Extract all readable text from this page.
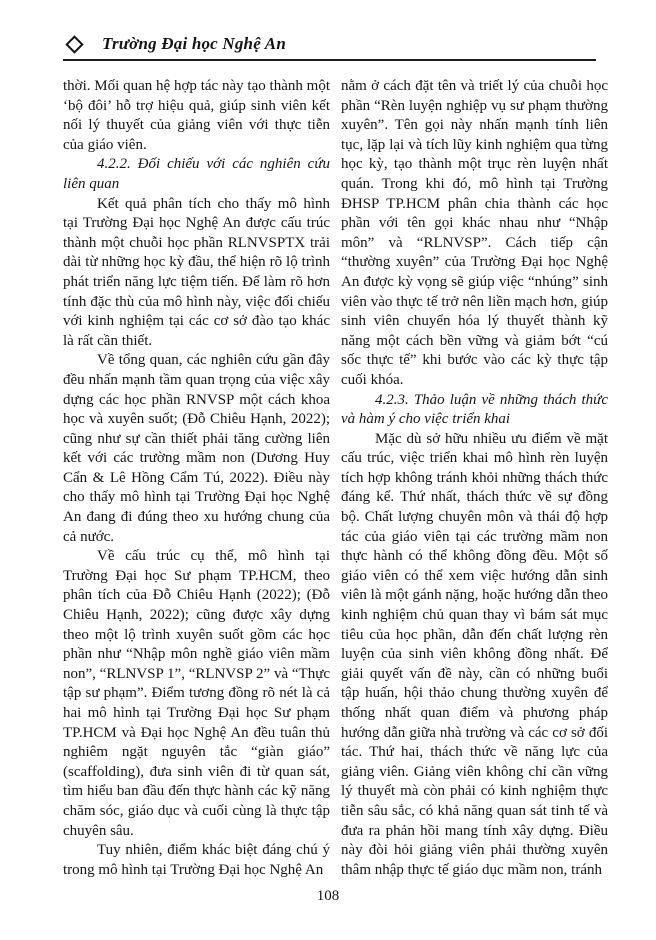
Trường Đại học Nghệ An

thời. Mối quan hệ hợp tác này tạo thành một ‘bộ đôi’ hỗ trợ hiệu quả, giúp sinh viên kết nối lý thuyết của giảng viên với thực tiễn của giáo viên.

4.2.2. Đối chiếu với các nghiên cứu liên quan

Kết quả phân tích cho thấy mô hình tại Trường Đại học Nghệ An được cấu trúc thành một chuỗi học phần RLNVSPTX trải dài từ những học kỳ đầu, thể hiện rõ lộ trình phát triển năng lực tiệm tiến. Để làm rõ hơn tính đặc thù của mô hình này, việc đối chiếu với kinh nghiệm tại các cơ sở đào tạo khác là rất cần thiết.

Về tổng quan, các nghiên cứu gần đây đều nhấn mạnh tầm quan trọng của việc xây dựng các học phần RNVSP một cách khoa học và xuyên suốt; (Đỗ Chiêu Hạnh, 2022); cũng như sự cần thiết phải tăng cường liên kết với các trường mầm non (Dương Huy Cẩn & Lê Hồng Cẩm Tú, 2022). Điều này cho thấy mô hình tại Trường Đại học Nghệ An đang đi đúng theo xu hướng chung của cả nước.

Về cấu trúc cụ thể, mô hình tại Trường Đại học Sư phạm TP.HCM, theo phân tích của Đỗ Chiêu Hạnh (2022); (Đỗ Chiêu Hạnh, 2022); cũng được xây dựng theo một lộ trình xuyên suốt gồm các học phần như “Nhập môn nghề giáo viên mầm non”, “RLNVSP 1”, “RLNVSP 2” và “Thực tập sư phạm”. Điểm tương đồng rõ nét là cả hai mô hình tại Trường Đại học Sư phạm TP.HCM và Đại học Nghệ An đều tuân thủ nghiêm ngặt nguyên tắc “giàn giáo” (scaffolding), đưa sinh viên đi từ quan sát, tìm hiểu ban đầu đến thực hành các kỹ năng chăm sóc, giáo dục và cuối cùng là thực tập chuyên sâu.

Tuy nhiên, điểm khác biệt đáng chú ý trong mô hình tại Trường Đại học Nghệ An

nằm ở cách đặt tên và triết lý của chuỗi học phần “Rèn luyện nghiệp vụ sư phạm thường xuyên”. Tên gọi này nhấn mạnh tính liên tục, lặp lại và tích lũy kinh nghiệm qua từng học kỳ, tạo thành một trục rèn luyện nhất quán. Trong khi đó, mô hình tại Trường ĐHSP TP.HCM phân chia thành các học phần với tên gọi khác nhau như “Nhập môn” và “RLNVSP”. Cách tiếp cận “thường xuyên” của Trường Đại học Nghệ An được kỳ vọng sẽ giúp việc “nhúng” sinh viên vào thực tế trở nên liền mạch hơn, giúp sinh viên chuyển hóa lý thuyết thành kỹ năng một cách bền vững và giảm bớt “cú sốc thực tế” khi bước vào các kỳ thực tập cuối khóa.

4.2.3. Thảo luận về những thách thức và hàm ý cho việc triển khai

Mặc dù sở hữu nhiều ưu điểm về mặt cấu trúc, việc triển khai mô hình rèn luyện tích hợp không tránh khỏi những thách thức đáng kể. Thứ nhất, thách thức về sự đồng bộ. Chất lượng chuyên môn và thái độ hợp tác của giáo viên tại các trường mầm non thực hành có thể không đồng đều. Một số giáo viên có thể xem việc hướng dẫn sinh viên là một gánh nặng, hoặc hướng dẫn theo kinh nghiệm chủ quan thay vì bám sát mục tiêu của học phần, dẫn đến chất lượng rèn luyện của sinh viên không đồng nhất. Để giải quyết vấn đề này, cần có những buổi tập huấn, hội thảo chung thường xuyên để thống nhất quan điểm và phương pháp hướng dẫn giữa nhà trường và các cơ sở đối tác. Thứ hai, thách thức về năng lực của giảng viên. Giảng viên không chỉ cần vững lý thuyết mà còn phải có kinh nghiệm thực tiễn sâu sắc, có khả năng quan sát tinh tế và đưa ra phản hồi mang tính xây dựng. Điều này đòi hỏi giảng viên phải thường xuyên thâm nhập thực tế giáo dục mầm non, tránh

108
